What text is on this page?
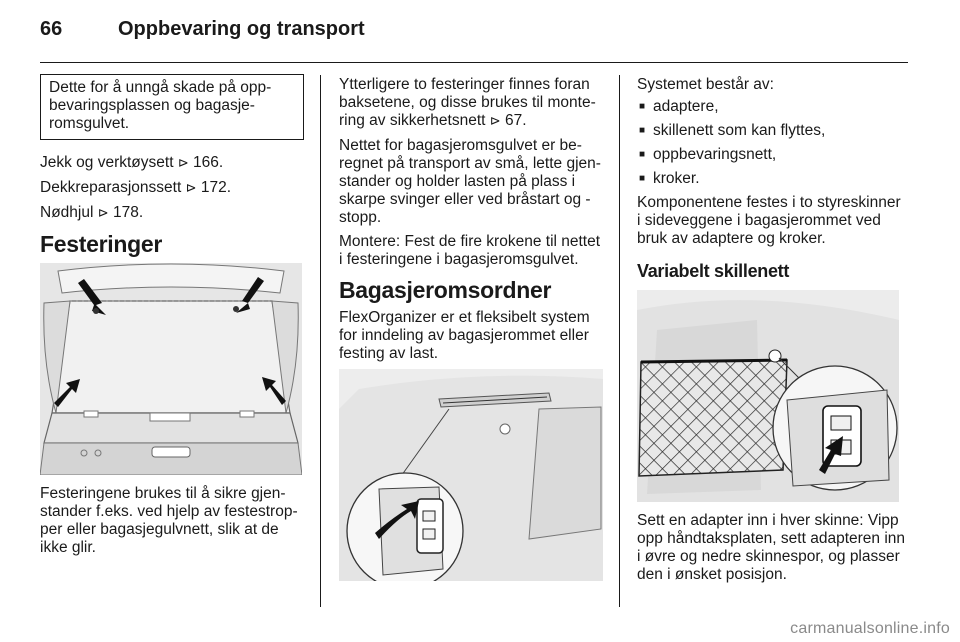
66	Oppbevaring og transport
Dette for å unngå skade på oppbevaringsplassen og bagasjeromsgulvet.

Jekk og verktøysett ⊳ 166.

Dekkreparasjonssett ⊳ 172.

Nødhjul ⊳ 178.

Festeringer

Festeringene brukes til å sikre gjenstander f.eks. ved hjelp av festestropper eller bagasjegulvnett, slik at de ikke glir.

Ytterligere to festeringer finnes foran baksetene, og disse brukes til montering av sikkerhetsnett ⊳ 67.

Nettet for bagasjeromsgulvet er beregnet på transport av små, lette gjenstander og holder lasten på plass i skarpe svinger eller ved bråstart og -stopp.

Montere: Fest de fire krokene til nettet i festeringene i bagasjeromsgulvet.

Bagasjeromsordner

FlexOrganizer er et fleksibelt system for inndeling av bagasjerommet eller festing av last.

Systemet består av:

■ adaptere,
■ skillenett som kan flyttes,
■ oppbevaringsnett,
■ kroker.

Komponentene festes i to styreskinner i sideveggene i bagasjerommet ved bruk av adaptere og kroker.

Variabelt skillenett

Sett en adapter inn i hver skinne: Vipp opp håndtaksplaten, sett adapteren inn i øvre og nedre skinnespor, og plasser den i ønsket posisjon.

carmanualsonline.info
